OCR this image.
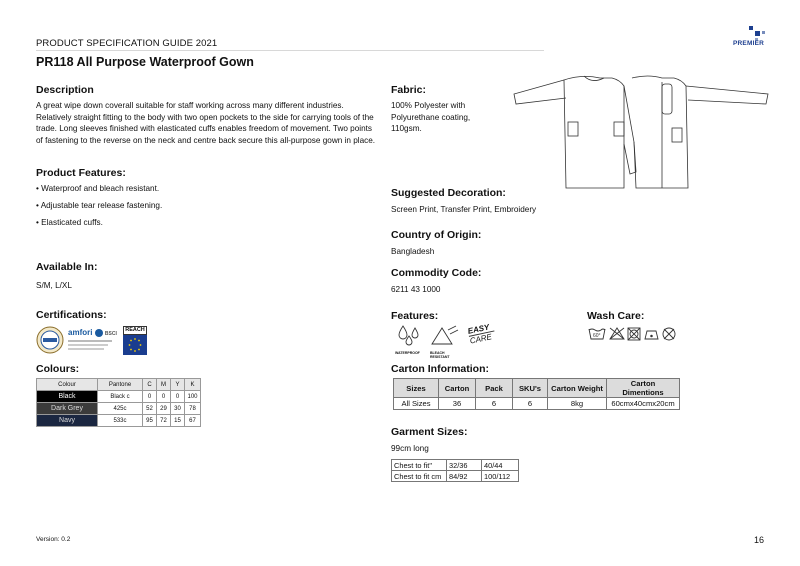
PRODUCT SPECIFICATION GUIDE 2021
PR118 All Purpose Waterproof Gown
PREMIER
Description
A great wipe down coverall suitable for staff working across many different industries. Relatively straight fitting to the body with two open pockets to the side for carrying tools of the trade. Long sleeves finished with elasticated cuffs enables freedom of movement. Two points of fastening to the reverse on the neck and centre back secure this all-purpose gown in place.
Product Features:
• Waterproof and bleach resistant.
• Adjustable tear release fastening.
• Elasticated cuffs.
Available In:
S/M, L/XL
Certifications:
amfori BSCI
REACH
Colours:
Colour	Pantone	C	M	Y	K
Black	Black c	0	0	0	100
Dark Grey	425c	52	29	30	78
Navy	533c	95	72	15	67
Fabric:
100% Polyester with
Polyurethane coating,
110gsm.
Suggested Decoration:
Screen Print, Transfer Print, Embroidery
Country of Origin:
Bangladesh
Commodity Code:
6211 43 1000
Features:
WATERPROOF	BLEACH RESISTANT
EASY
CARE
Wash Care:
60°
Carton Information:
Sizes	Carton	Pack	SKU's	Carton Weight	Carton Dimentions
All Sizes	36	6	6	8kg	60cmx40cmx20cm
Garment Sizes:
99cm long
Chest to fit"	32/36	40/44
Chest to fit cm	84/92	100/112
Version: 0.2	16
